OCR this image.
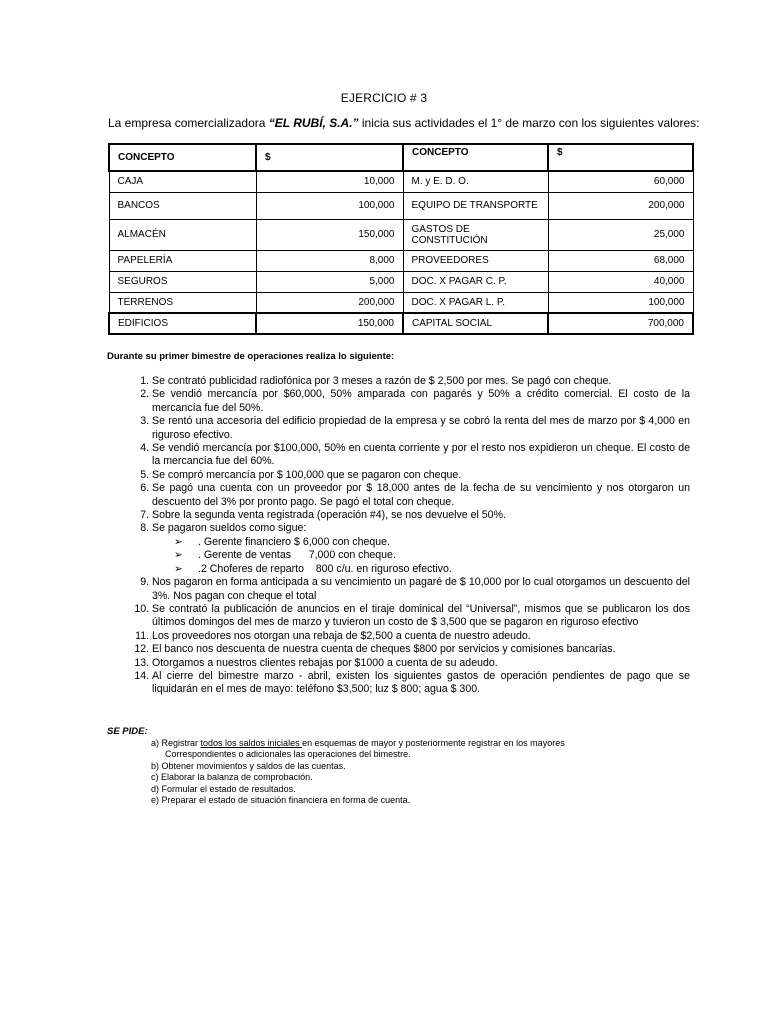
EJERCICIO # 3
La empresa comercializadora “EL RUBÍ, S.A.” inicia sus actividades el 1° de marzo con los siguientes valores:
CONCEPTO	$	CONCEPTO	$
CAJA	10,000	M. y E. D. O.	60,000
BANCOS	100,000	EQUIPO DE TRANSPORTE	200,000
ALMACÉN	150,000	GASTOS DE CONSTITUCIÓN	25,000
PAPELERÍA	8,000	PROVEEDORES	68,000
SEGUROS	5,000	DOC. X PAGAR C. P.	40,000
TERRENOS	200,000	DOC. X PAGAR L. P.	100,000
EDIFICIOS	150,000	CAPITAL SOCIAL	700,000
Durante su primer bimestre de operaciones realiza lo siguiente:
1. Se contrató publicidad radiofónica por 3 meses a razón de $ 2,500 por mes. Se pagó con cheque.
2. Se vendió mercancía por $60,000, 50% amparada con pagarés y 50% a crédito comercial. El costo de la mercancía fue del 50%.
3. Se rentó una accesoria del edificio propiedad de la empresa y se cobró la renta del mes de marzo por $ 4,000 en riguroso efectivo.
4. Se vendió mercancía por $100,000, 50% en cuenta corriente y por el resto nos expidieron un cheque. El costo de la mercancía fue del 60%.
5. Se compró mercancía por $ 100,000 que se pagaron con cheque.
6. Se pagó una cuenta con un proveedor por $ 18,000 antes de la fecha de su vencimiento y nos otorgaron un descuento del 3% por pronto pago. Se pagó el total con cheque.
7. Sobre la segunda venta registrada (operación #4), se nos devuelve el 50%.
8. Se pagaron sueldos como sigue:
➢ . Gerente financiero $ 6,000 con cheque.
➢ . Gerente de ventas      7,000 con cheque.
➢ .2 Choferes de reparto    800 c/u. en riguroso efectivo.
9. Nos pagaron en forma anticipada a su vencimiento un pagaré de $ 10,000 por lo cual otorgamos un descuento del 3%. Nos pagan con cheque el total
10. Se contrató la publicación de anuncios en el tiraje dominical del “Universal”, mismos que se publicaron los dos últimos domingos del mes de marzo y tuvieron un costo de $ 3,500 que se pagaron en riguroso efectivo
11. Los proveedores nos otorgan una rebaja de $2,500 a cuenta de nuestro adeudo.
12. El banco nos descuenta de nuestra cuenta de cheques $800 por servicios y comisiones bancarias.
13. Otorgamos a nuestros clientes rebajas por $1000 a cuenta de su adeudo.
14. Al cierre del bimestre marzo - abril, existen los siguientes gastos de operación pendientes de pago que se liquidarán en el mes de mayo: teléfono $3,500; luz $ 800; agua $ 300.
SE PIDE:
a) Registrar todos los saldos iniciales en esquemas de mayor y posteriormente registrar en los mayores
Correspondientes o adicionales las operaciones del bimestre.
b) Obtener movimientos y saldos de las cuentas.
c) Elaborar la balanza de comprobación.
d) Formular el estado de resultados.
e) Preparar el estado de situación financiera en forma de cuenta.
